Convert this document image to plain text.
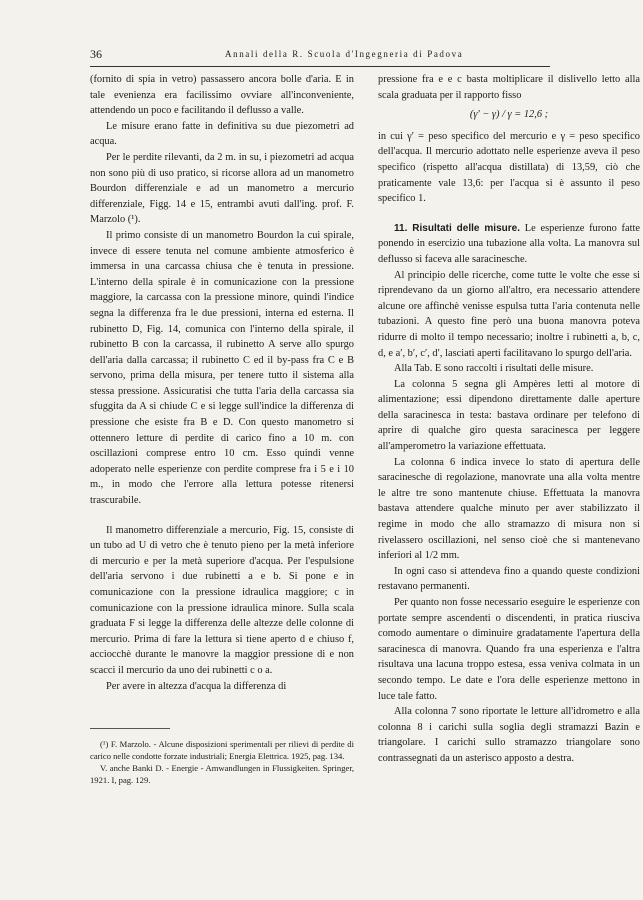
36	Annali della R. Scuola d'Ingegneria di Padova

(fornito di spia in vetro) passassero ancora bolle d'aria. E in tale evenienza era facilissimo ovviare all'inconveniente, attendendo un poco e facilitando il deflusso a valle.

Le misure erano fatte in definitiva su due piezometri ad acqua.

Per le perdite rilevanti, da 2 m. in su, i piezometri ad acqua non sono più di uso pratico, si ricorse allora ad un manometro Bourdon differenziale e ad un manometro a mercurio differenziale, Figg. 14 e 15, entrambi avuti dall'ing. prof. F. Marzolo (¹).

Il primo consiste di un manometro Bourdon la cui spirale, invece di essere tenuta nel comune ambiente atmosferico è immersa in una carcassa chiusa che è tenuta in pressione. L'interno della spirale è in comunicazione con la pressione maggiore, la carcassa con la pressione minore, quindi l'indice segna la differenza fra le due pressioni, interna ed esterna. Il rubinetto D, Fig. 14, comunica con l'interno della spirale, il rubinetto B con la carcassa, il rubinetto A serve allo spurgo dell'aria dalla carcassa; il rubinetto C ed il by-pass fra C e B servono, prima della misura, per tenere tutto il sistema alla stessa pressione. Assicuratisi che tutta l'aria della carcassa sia sfuggita da A si chiude C e si legge sull'indice la differenza di pressione che esiste fra B e D. Con questo manometro si ottennero letture di perdite di carico fino a 10 m. con oscillazioni comprese entro 10 cm. Esso quindi venne adoperato nelle esperienze con perdite comprese fra i 5 e i 10 m., in modo che l'errore alla lettura potesse ritenersi trascurabile.

Il manometro differenziale a mercurio, Fig. 15, consiste di un tubo ad U di vetro che è tenuto pieno per la metà inferiore di mercurio e per la metà superiore d'acqua. Per l'espulsione dell'aria servono i due rubinetti a e b. Si pone e in comunicazione con la pressione idraulica maggiore; c in comunicazione con la pressione idraulica minore. Sulla scala graduata F si legge la differenza delle altezze delle colonne di mercurio. Prima di fare la lettura si tiene aperto d e chiuso f, acciocchè durante le manovre la maggior pressione di e non scacci il mercurio da uno dei rubinetti c o a.

Per avere in altezza d'acqua la differenza di

(¹) F. Marzolo. - Alcune disposizioni sperimentali per rilievi di perdite di carico nelle condotte forzate industriali; Energia Elettrica. 1925, pag. 134.

V. anche Banki D. - Energie - Amwandlungen in Flussigkeiten. Springer, 1921. I, pag. 129.

pressione fra e e c basta moltiplicare il dislivello letto alla scala graduata per il rapporto fisso

(γ′ − γ) / γ = 12,6 ;

in cui γ′ = peso specifico del mercurio e γ = peso specifico dell'acqua. Il mercurio adottato nelle esperienze aveva il peso specifico (rispetto all'acqua distillata) di 13,59, ciò che praticamente vale 13,6: per l'acqua si è assunto il peso specifico 1.

11. Risultati delle misure. Le esperienze furono fatte ponendo in esercizio una tubazione alla volta. La manovra sul deflusso si faceva alle saracinesche.

Al principio delle ricerche, come tutte le volte che esse si riprendevano da un giorno all'altro, era necessario attendere alcune ore affinchè venisse espulsa tutta l'aria contenuta nelle tubazioni. A questo fine però una buona manovra poteva ridurre di molto il tempo necessario; inoltre i rubinetti a, b, c, d, e a′, b′, c′, d′, lasciati aperti facilitavano lo spurgo dell'aria.

Alla Tab. E sono raccolti i risultati delle misure.

La colonna 5 segna gli Ampères letti al motore di alimentazione; essi dipendono direttamente dalle aperture della saracinesca in testa: bastava ordinare per telefono di aprire di qualche giro questa saracinesca per leggere all'amperometro la variazione effettuata.

La colonna 6 indica invece lo stato di apertura delle saracinesche di regolazione, manovrate una alla volta mentre le altre tre sono mantenute chiuse. Effettuata la manovra bastava attendere qualche minuto per aver stabilizzato il regime in modo che allo stramazzo di misura non si rivelassero oscillazioni, nel senso cioè che si mantenevano inferiori al 1/2 mm.

In ogni caso si attendeva fino a quando queste condizioni restavano permanenti.

Per quanto non fosse necessario eseguire le esperienze con portate sempre ascendenti o discendenti, in pratica riusciva comodo aumentare o diminuire gradatamente l'apertura della saracinesca di manovra. Quando fra una esperienza e l'altra risultava una lacuna troppo estesa, essa veniva colmata in un secondo tempo. Le date e l'ora delle esperienze mettono in luce tale fatto.

Alla colonna 7 sono riportate le letture all'idrometro e alla colonna 8 i carichi sulla soglia degli stramazzi Bazin e triangolare. I carichi sullo stramazzo triangolare sono contrassegnati da un asterisco apposto a destra.
